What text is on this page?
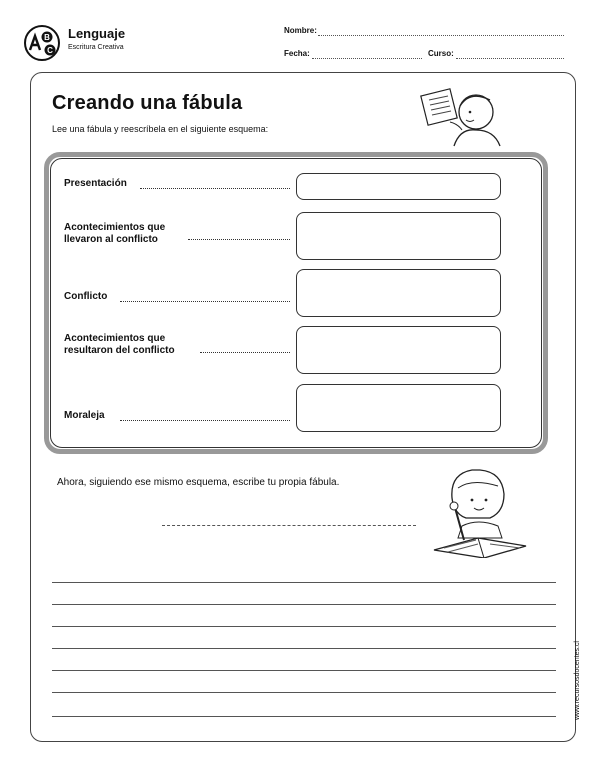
B
C
Lenguaje
Escritura Creativa
Nombre:
Fecha:	Curso:
Creando una fábula
Lee una fábula y reescríbela en el siguiente esquema:
Presentación
Acontecimientos que
llevaron al conflicto
Conflicto
Acontecimientos que
resultaron del conflicto
Moraleja
Ahora, siguiendo ese mismo esquema, escribe tu propia fábula.
www.recursosdocentes.cl
